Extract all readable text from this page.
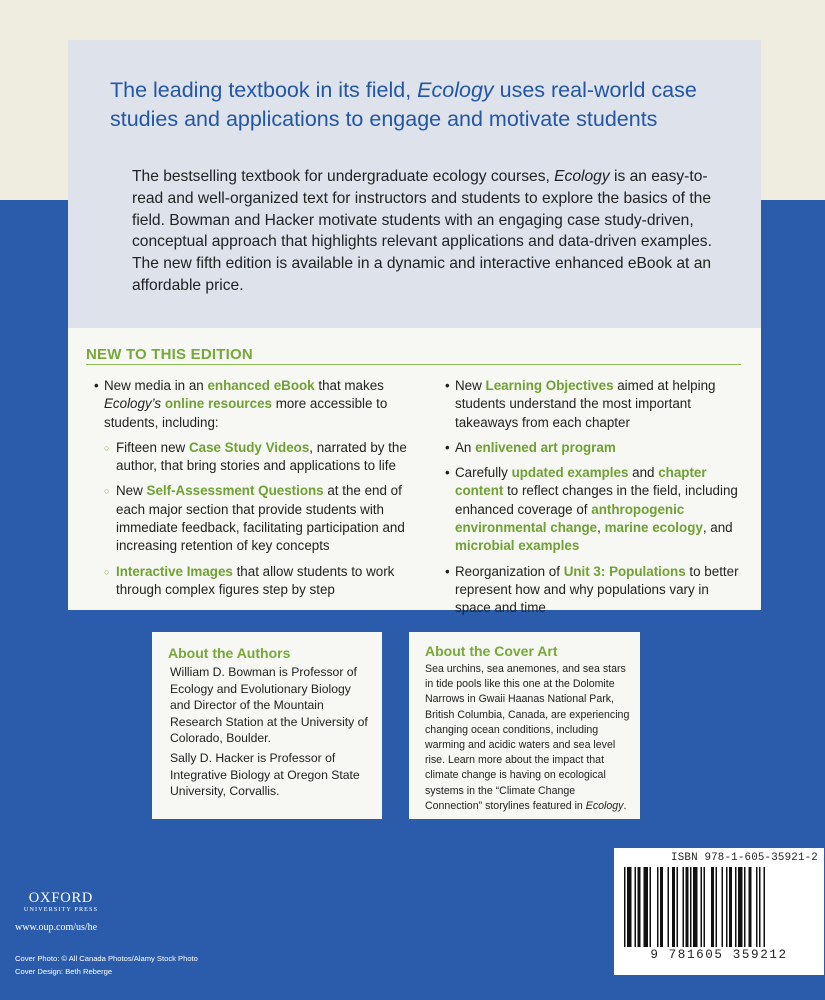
The leading textbook in its field, Ecology uses real-world case studies and applications to engage and motivate students

The bestselling textbook for undergraduate ecology courses, Ecology is an easy-to-read and well-organized text for instructors and students to explore the basics of the field. Bowman and Hacker motivate students with an engaging case study-driven, conceptual approach that highlights relevant applications and data-driven examples. The new fifth edition is available in a dynamic and interactive enhanced eBook at an affordable price.

NEW TO THIS EDITION
• New media in an enhanced eBook that makes Ecology’s online resources more accessible to students, including:
○ Fifteen new Case Study Videos, narrated by the author, that bring stories and applications to life
○ New Self-Assessment Questions at the end of each major section that provide students with immediate feedback, facilitating participation and increasing retention of key concepts
○ Interactive Images that allow students to work through complex figures step by step
• New Learning Objectives aimed at helping students understand the most important takeaways from each chapter
• An enlivened art program
• Carefully updated examples and chapter content to reflect changes in the field, including enhanced coverage of anthropogenic environmental change, marine ecology, and microbial examples
• Reorganization of Unit 3: Populations to better represent how and why populations vary in space and time
About the Authors
William D. Bowman is Professor of Ecology and Evolutionary Biology and Director of the Mountain Research Station at the University of Colorado, Boulder.
Sally D. Hacker is Professor of Integrative Biology at Oregon State University, Corvallis.
About the Cover Art
Sea urchins, sea anemones, and sea stars in tide pools like this one at the Dolomite Narrows in Gwaii Haanas National Park, British Columbia, Canada, are experiencing changing ocean conditions, including warming and acidic waters and sea level rise. Learn more about the impact that climate change is having on ecological systems in the “Climate Change Connection” storylines featured in Ecology.
ISBN 978-1-605-35921-2
9 781605 359212
OXFORD
UNIVERSITY PRESS
www.oup.com/us/he
Cover Photo: © All Canada Photos/Alamy Stock Photo
Cover Design: Beth Reberge
